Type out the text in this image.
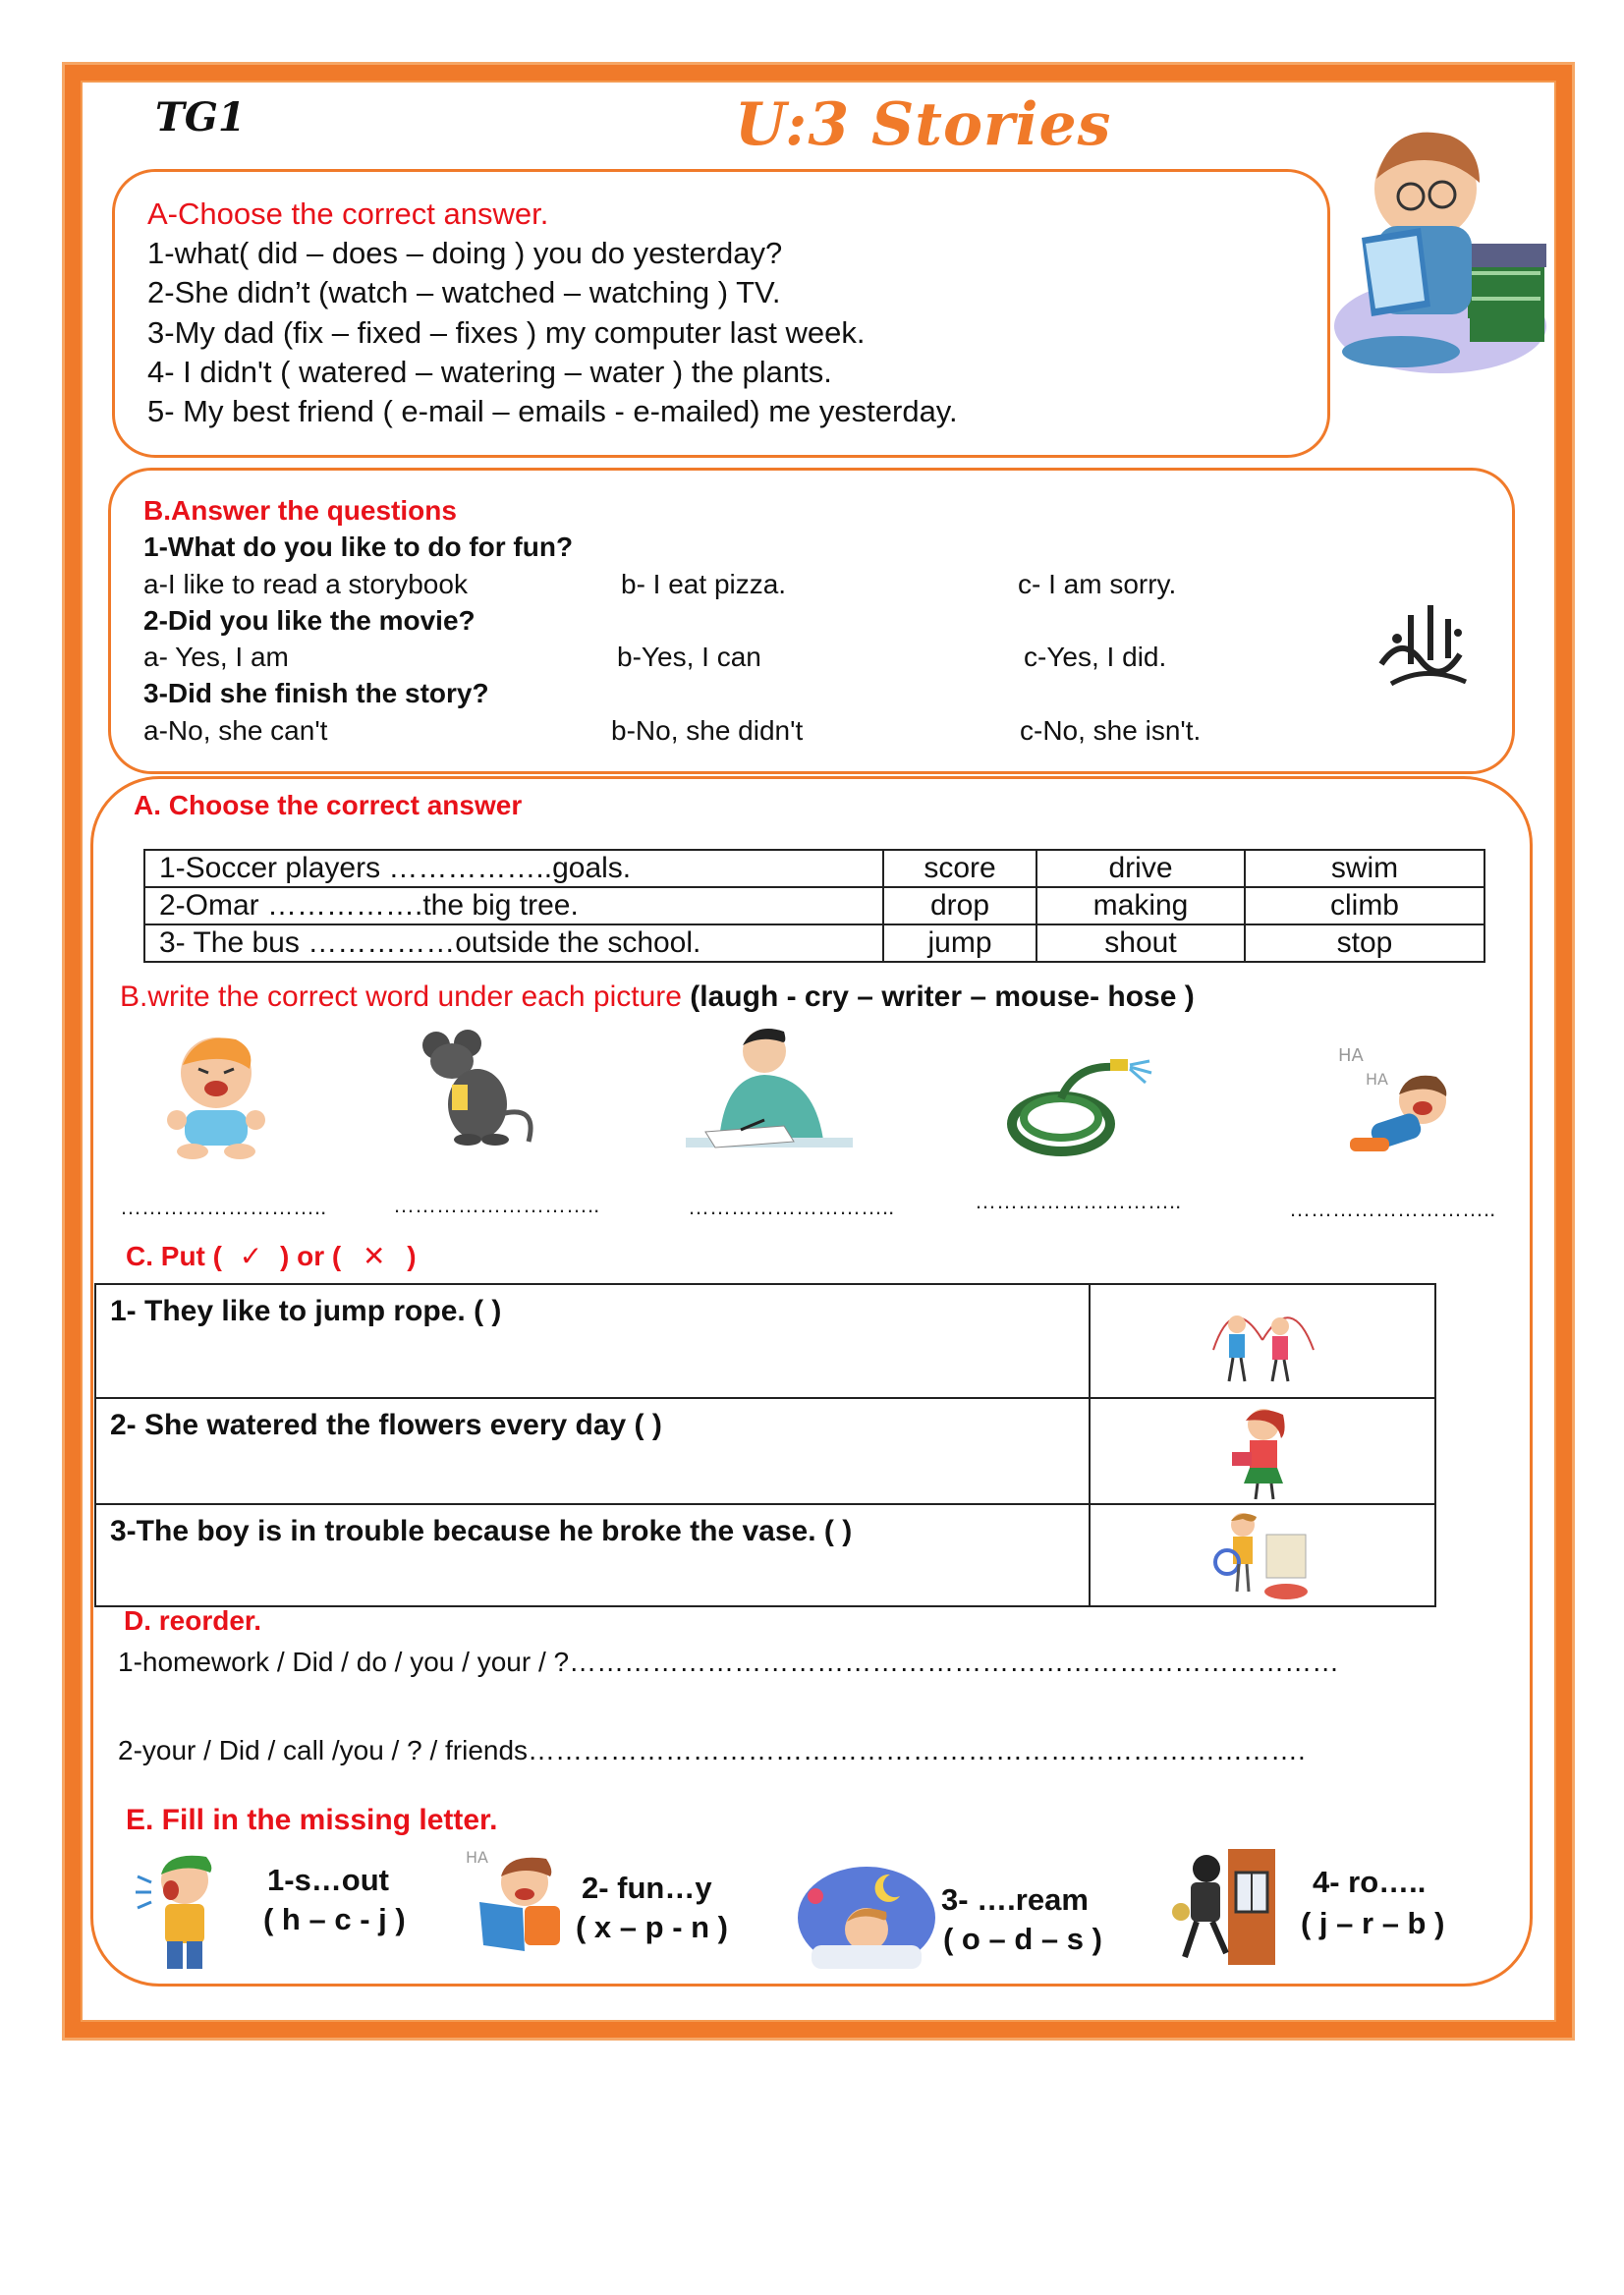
TG1	U:3 Stories
A-Choose the correct answer.
1-what( did – does – doing ) you do yesterday?
2-She didn’t (watch – watched – watching ) TV.
3-My dad (fix – fixed – fixes ) my computer last week.
4- I didn't ( watered – watering – water ) the plants.
5- My best friend ( e-mail – emails - e-mailed) me yesterday.
B.Answer the questions
1-What do you like to do for fun?
a-I like to read a storybook	b- I eat pizza.	c- I am sorry.
2-Did you like the movie?
a- Yes, I am	b-Yes, I can	c-Yes, I did.
3-Did she finish the story?
a-No, she can't	b-No, she didn't	c-No, she isn't.
A. Choose the correct answer
1-Soccer players ……………..goals.	score	drive	swim
2-Omar …………….the big tree.	drop	making	climb
3- The bus ……………outside the school.	jump	shout	stop
B.write the correct word under each picture (laugh - cry – writer – mouse- hose )
HA
HA
………………………..	………………………..	………………………..	………………………..	………………………..
C. Put ( ✓ ) or ( ✕ )
1- They like to jump rope. ( )	

2- She watered the flowers every day ( )	

3-The boy is in trouble because he broke the vase. ( )	
D. reorder.
1-homework / Did / do / you / your / ?…………………………………………………………………………
2-your / Did / call /you / ? / friends………………………………………………………………………….
E. Fill in the missing letter.
1-s…out
( h – c - j )
HA
2- fun…y
( x – p - n )
3- ….ream
( o – d – s )
4- ro…..
( j – r – b )
